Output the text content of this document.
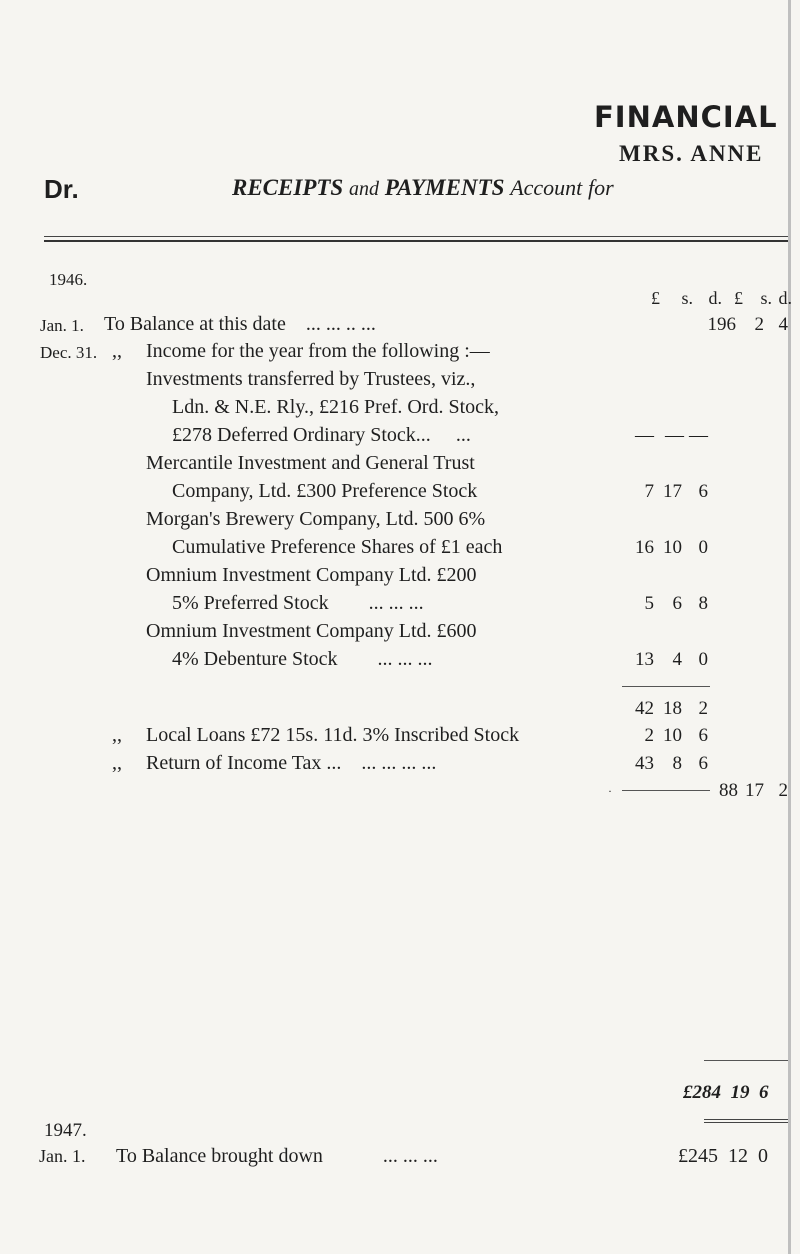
FINANCIAL
MRS. ANNE
Dr.	RECEIPTS and PAYMENTS Account for
1946.
£	s. d. £ s. d.
Jan. 1. To Balance at this date ... ... .. ...	196 2 4
Dec. 31. ,, Income for the year from the following :—
Investments transferred by Trustees, viz.,
Ldn. & N.E. Rly., £216 Pref. Ord. Stock,
£278 Deferred Ordinary Stock... ...	— — —
Mercantile Investment and General Trust
Company, Ltd. £300 Preference Stock	7 17 6
Morgan's Brewery Company, Ltd. 500 6%
Cumulative Preference Shares of £1 each	16 10 0
Omnium Investment Company Ltd. £200
5% Preferred Stock ... ... ...	5 6 8
Omnium Investment Company Ltd. £600
4% Debenture Stock ... ... ...	13 4 0
42 18 2
,, Local Loans £72 15s. 11d. 3% Inscribed Stock	2 10 6
,, Return of Income Tax ... ... ... ... ...	43 8 6
·	88 17 2
£284  19  6
1947.
Jan. 1. To Balance brought down	... ... ...	£245  12  0
